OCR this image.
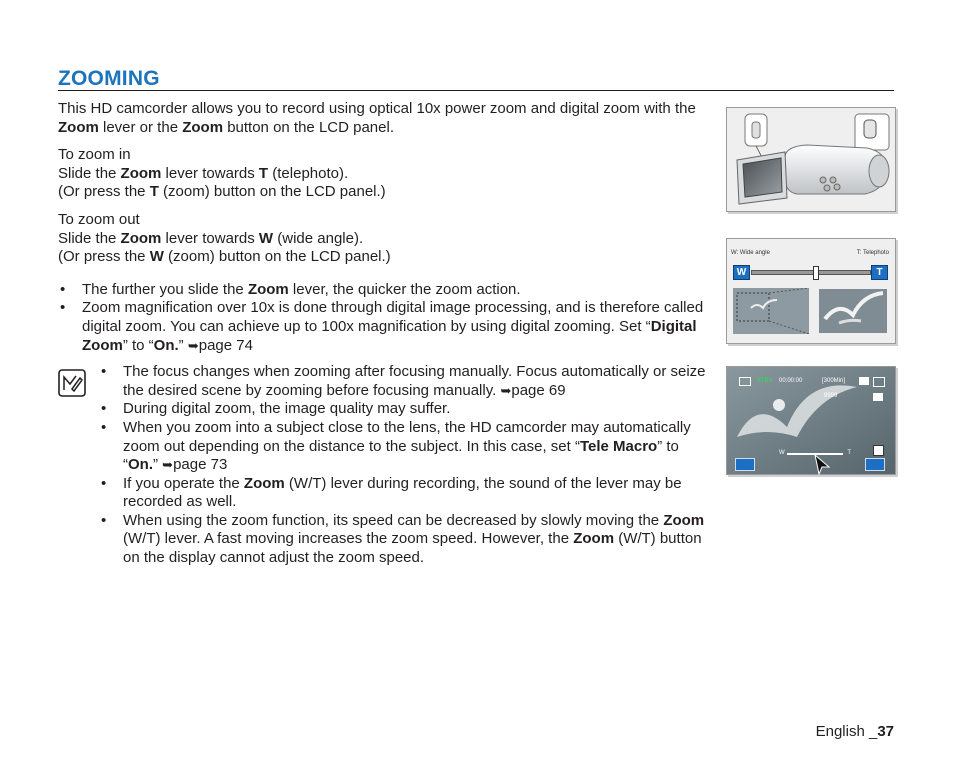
ZOOMING

This HD camcorder allows you to record using optical 10x power zoom and digital zoom with the Zoom lever or the Zoom button on the LCD panel.

To zoom in

Slide the Zoom lever towards T (telephoto).

(Or press the T (zoom) button on the LCD panel.)

To zoom out

Slide the Zoom lever towards W (wide angle).

(Or press the W (zoom) button on the LCD panel.)

• The further you slide the Zoom lever, the quicker the zoom action.
• Zoom magnification over 10x is done through digital image processing, and is therefore called digital zoom. You can achieve up to 100x magnification by using digital zooming. Set “Digital Zoom” to “On.” ➥page 74
• The focus changes when zooming after focusing manually. Focus automatically or seize the desired scene by zooming before focusing manually. ➥page 69
• During digital zoom, the image quality may suffer.
• When you zoom into a subject close to the lens, the HD camcorder may automatically zoom out depending on the distance to the subject. In this case, set “Tele Macro” to “On.” ➥page 73
• If you operate the Zoom (W/T) lever during recording, the sound of the lever may be recorded as well.
• When using the zoom function, its speed can be decreased by slowly moving the Zoom (W/T) lever. A fast moving increases the zoom speed. However, the Zoom (W/T) button on the display cannot adjust the zoom speed.
W: Wide angle	T: Telephoto
W	T
STBY 00:00:00	[300Min]
9999
W	T
English _37
